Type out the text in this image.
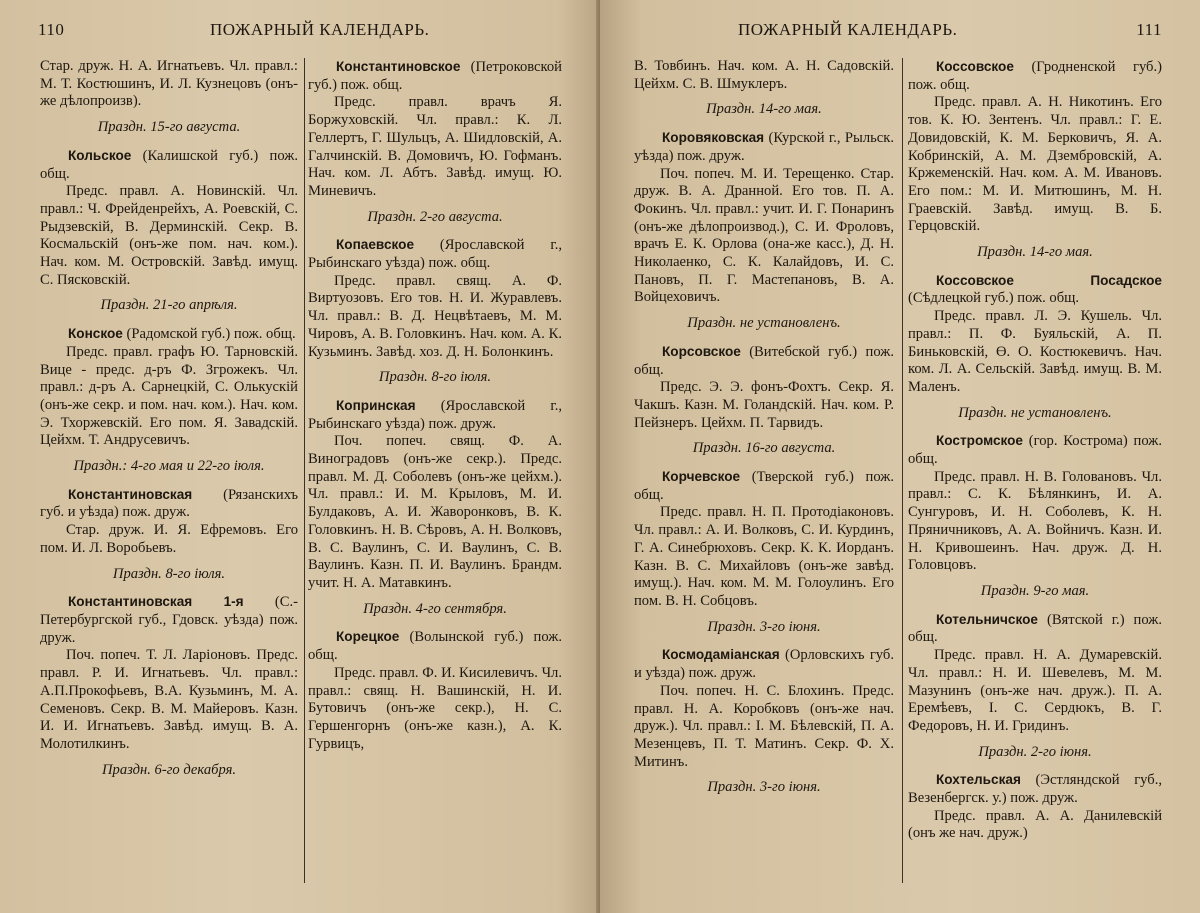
110	ПОЖАРНЫЙ КАЛЕНДАРЬ.

Стар. друж. Н. А. Игнатьевъ. Чл. правл.: М. Т. Костюшинъ, И. Л. Кузнецовъ (онъ-же дѣлопроизв).

Праздн. 15-го августа.

Кольское (Калишской губ.) пож. общ.

Предс. правл. А. Новинскій. Чл. правл.: Ч. Фрейденрейхъ, А. Роевскій, С. Рыдзевскій, В. Дерминскій. Секр. В. Космальскій (онъ-же пом. нач. ком.). Нач. ком. М. Островскій. Завѣд. имущ. С. Пясковскій.

Праздн. 21-го апрѣля.

Конское (Радомской губ.) пож. общ.

Предс. правл. графъ Ю. Тарновскій. Вице - предс. д-ръ Ф. Згрожекъ. Чл. правл.: д-ръ А. Сарнецкій, С. Олькускій (онъ-же секр. и пом. нач. ком.). Нач. ком. Э. Тхоржевскій. Его пом. Я. Завадскій. Цейхм. Т. Андрусевичъ.

Праздн.: 4-го мая и 22-го іюля.

Константиновская (Рязанскихъ губ. и уѣзда) пож. друж.

Стар. друж. И. Я. Ефремовъ. Его пом. И. Л. Воробьевъ.

Праздн. 8-го іюля.

Константиновская 1-я (С.-Петербургской губ., Гдовск. уѣзда) пож. друж.

Поч. попеч. Т. Л. Ларіоновъ. Предс. правл. Р. И. Игнатьевъ. Чл. правл.: А.П.Прокофьевъ, В.А. Кузьминъ, М. А. Семеновъ. Секр. В. М. Майеровъ. Казн. И. И. Игнатьевъ. Завѣд. имущ. В. А. Молотилкинъ.

Праздн. 6-го декабря.

Константиновское (Петроковской губ.) пож. общ.

Предс. правл. врачъ Я. Боржуховскій. Чл. правл.: К. Л. Геллертъ, Г. Шульцъ, А. Шидловскій, А. Галчинскій. В. Домовичъ, Ю. Гофманъ. Нач. ком. Л. Абтъ. Завѣд. имущ. Ю. Миневичъ.

Праздн. 2-го августа.

Копаевское (Ярославской г., Рыбинскаго уѣзда) пож. общ.

Предс. правл. свящ. А. Ф. Виртуозовъ. Его тов. Н. И. Журавлевъ. Чл. правл.: В. Д. Нецвѣтаевъ, М. М. Чировъ, А. В. Головкинъ. Нач. ком. А. К. Кузьминъ. Завѣд. хоз. Д. Н. Болонкинъ.

Праздн. 8-го іюля.

Копринская (Ярославской г., Рыбинскаго уѣзда) пож. друж.

Поч. попеч. свящ. Ф. А. Виноградовъ (онъ-же секр.). Предс. правл. М. Д. Соболевъ (онъ-же цейхм.). Чл. правл.: И. М. Крыловъ, М. И. Булдаковъ, А. И. Жаворонковъ, В. К. Головкинъ. Н. В. Сѣровъ, А. Н. Волковъ, В. С. Ваулинъ, С. И. Ваулинъ, С. В. Ваулинъ. Казн. П. И. Ваулинъ. Брандм. учит. Н. А. Матавкинъ.

Праздн. 4-го сентября.

Корецкое (Волынской губ.) пож. общ.

Предс. правл. Ф. И. Кисилевичъ. Чл. правл.: свящ. Н. Вашинскій, Н. И. Бутовичъ (онъ-же секр.), Н. С. Гершенгорнъ (онъ-же казн.), А. К. Гурвицъ,

ПОЖАРНЫЙ КАЛЕНДАРЬ.	111

В. Товбинъ. Нач. ком. А. Н. Садовскій. Цейхм. С. В. Шмуклеръ.

Праздн. 14-го мая.

Коровяковская (Курской г., Рыльск. уѣзда) пож. друж.

Поч. попеч. М. И. Терещенко. Стар. друж. В. А. Дранной. Его тов. П. А. Фокинъ. Чл. правл.: учит. И. Г. Понаринъ (онъ-же дѣлопроизвод.), С. И. Фроловъ, врачъ Е. К. Орлова (она-же касс.), Д. Н. Николаенко, С. К. Калайдовъ, И. С. Пановъ, П. Г. Мастепановъ, В. А. Войцеховичъ.

Праздн. не установленъ.

Корсовское (Витебской губ.) пож. общ.

Предс. Э. Э. фонъ-Фохтъ. Секр. Я. Чакшъ. Казн. М. Голандскій. Нач. ком. Р. Пейзнеръ. Цейхм. П. Тарвидъ.

Праздн. 16-го августа.

Корчевское (Тверской губ.) пож. общ.

Предс. правл. Н. П. Протодіаконовъ. Чл. правл.: А. И. Волковъ, С. И. Курдинъ, Г. А. Синебрюховъ. Секр. К. К. Иорданъ. Казн. В. С. Михайловъ (онъ-же завѣд. имущ.). Нач. ком. М. М. Голоулинъ. Его пом. В. Н. Собцовъ.

Праздн. 3-го іюня.

Космодаміанская (Орловскихъ губ. и уѣзда) пож. друж.

Поч. попеч. Н. С. Блохинъ. Предс. правл. Н. А. Коробковъ (онъ-же нач. друж.). Чл. правл.: І. М. Бѣлевскій, П. А. Мезенцевъ, П. Т. Матинъ. Секр. Ф. Х. Митинъ.

Праздн. 3-го іюня.

Коссовское (Гродненской губ.) пож. общ.

Предс. правл. А. Н. Никотинъ. Его тов. К. Ю. Зентенъ. Чл. правл.: Г. Е. Довидовскій, К. М. Берковичъ, Я. А. Кобринскій, А. М. Дзембровскій, А. Кржеменскій. Нач. ком. А. М. Ивановъ. Его пом.: М. И. Митюшинъ, М. Н. Граевскій. Завѣд. имущ. В. Б. Герцовскій.

Праздн. 14-го мая.

Коссовское Посадское (Сѣдлецкой губ.) пож. общ.

Предс. правл. Л. Э. Кушель. Чл. правл.: П. Ф. Буяльскій, А. П. Биньковскій, Ө. О. Костюкевичъ. Нач. ком. Л. А. Сельскій. Завѣд. имущ. В. М. Маленъ.

Праздн. не установленъ.

Костромское (гор. Кострома) пож. общ.

Предс. правл. Н. В. Головановъ. Чл. правл.: С. К. Бѣлянкинъ, И. А. Сунгуровъ, И. Н. Соболевъ, К. Н. Пряничниковъ, А. А. Войничъ. Казн. И. Н. Кривошеинъ. Нач. друж. Д. Н. Головцовъ.

Праздн. 9-го мая.

Котельничское (Вятской г.) пож. общ.

Предс. правл. Н. А. Думаревскій. Чл. правл.: Н. И. Шевелевъ, М. М. Мазунинъ (онъ-же нач. друж.). П. А. Еремѣевъ, І. С. Сердюкъ, В. Г. Федоровъ, Н. И. Гридинъ.

Праздн. 2-го іюня.

Кохтельская (Эстляндской губ., Везенбергск. у.) пож. друж.

Предс. правл. А. А. Данилевскій (онъ же нач. друж.)
